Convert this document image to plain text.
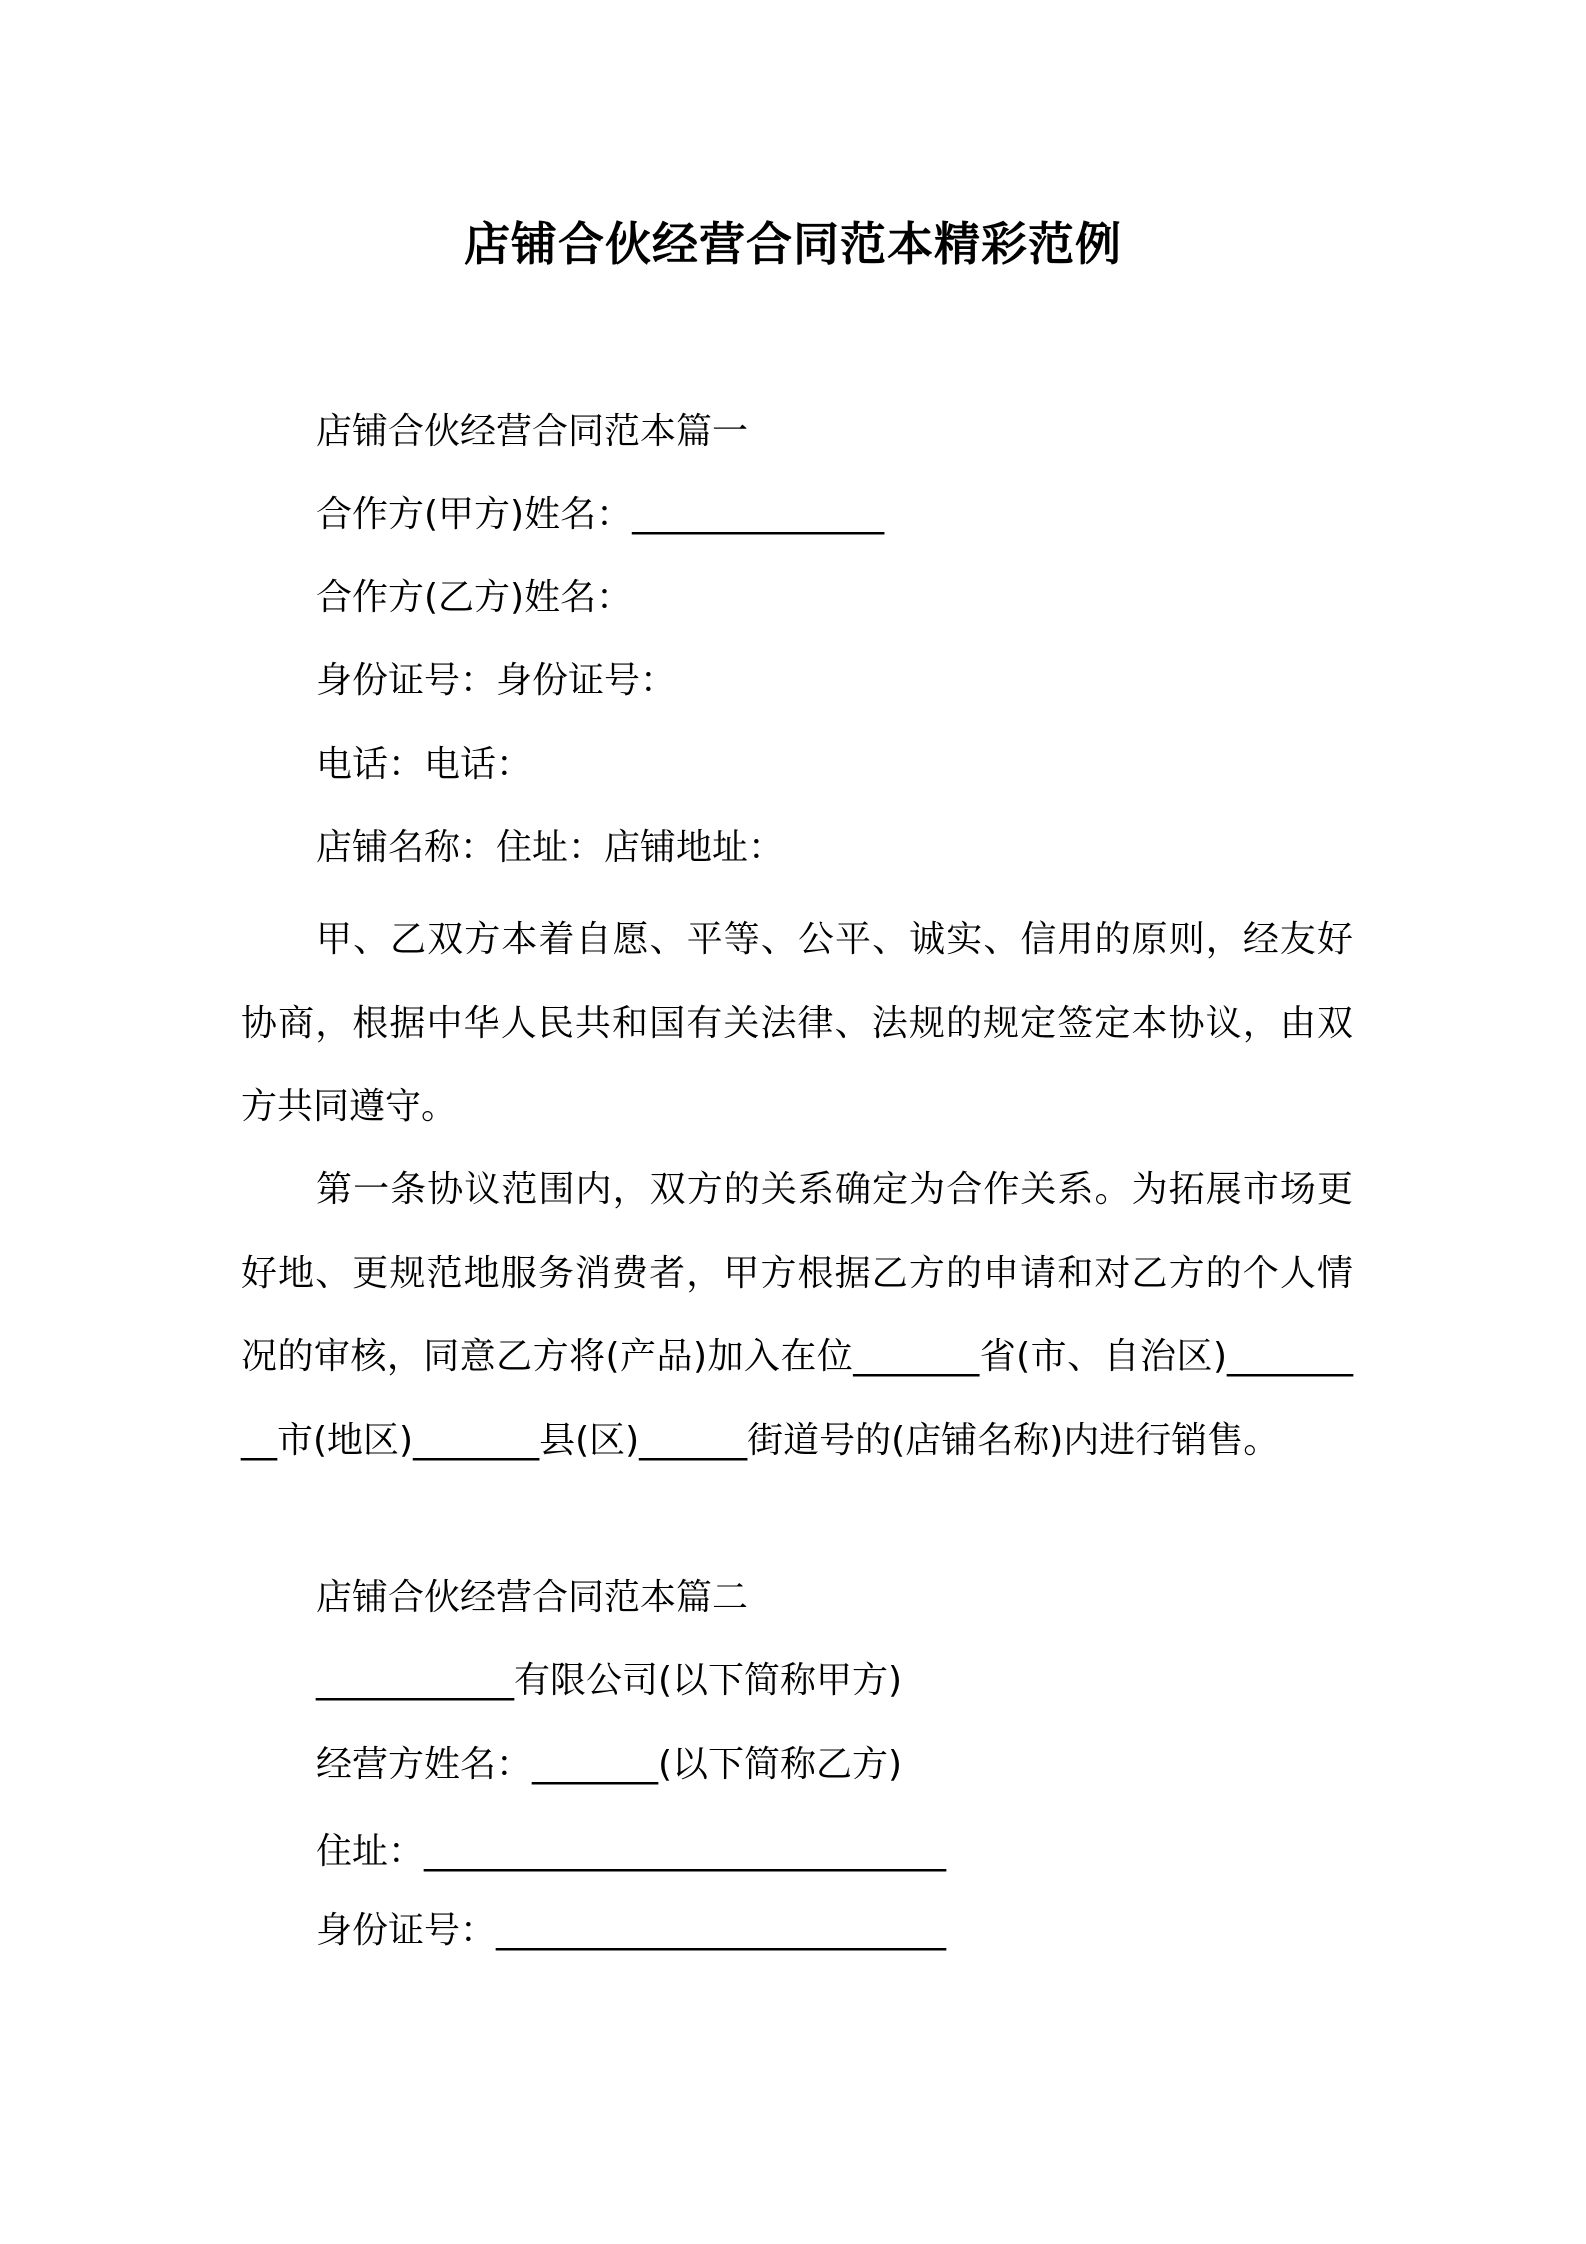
店铺合伙经营合同范本精彩范例
店铺合伙经营合同范本篇一
合作方(甲方)姓名：______________
合作方(乙方)姓名：
身份证号：身份证号：
电话：电话：
店铺名称：住址：店铺地址：
甲、乙双方本着自愿、平等、公平、诚实、信用的原则，经友好协商，根据中华人民共和国有关法律、法规的规定签定本协议，由双方共同遵守。
第一条协议范围内，双方的关系确定为合作关系。为拓展市场更好地、更规范地服务消费者，甲方根据乙方的申请和对乙方的个人情况的审核，同意乙方将(产品)加入在位_______省(市、自治区)_________市(地区)_______县(区)______街道号的(店铺名称)内进行销售。
店铺合伙经营合同范本篇二
___________有限公司(以下简称甲方)
经营方姓名：_______(以下简称乙方)
住址：_____________________________
身份证号：_________________________
